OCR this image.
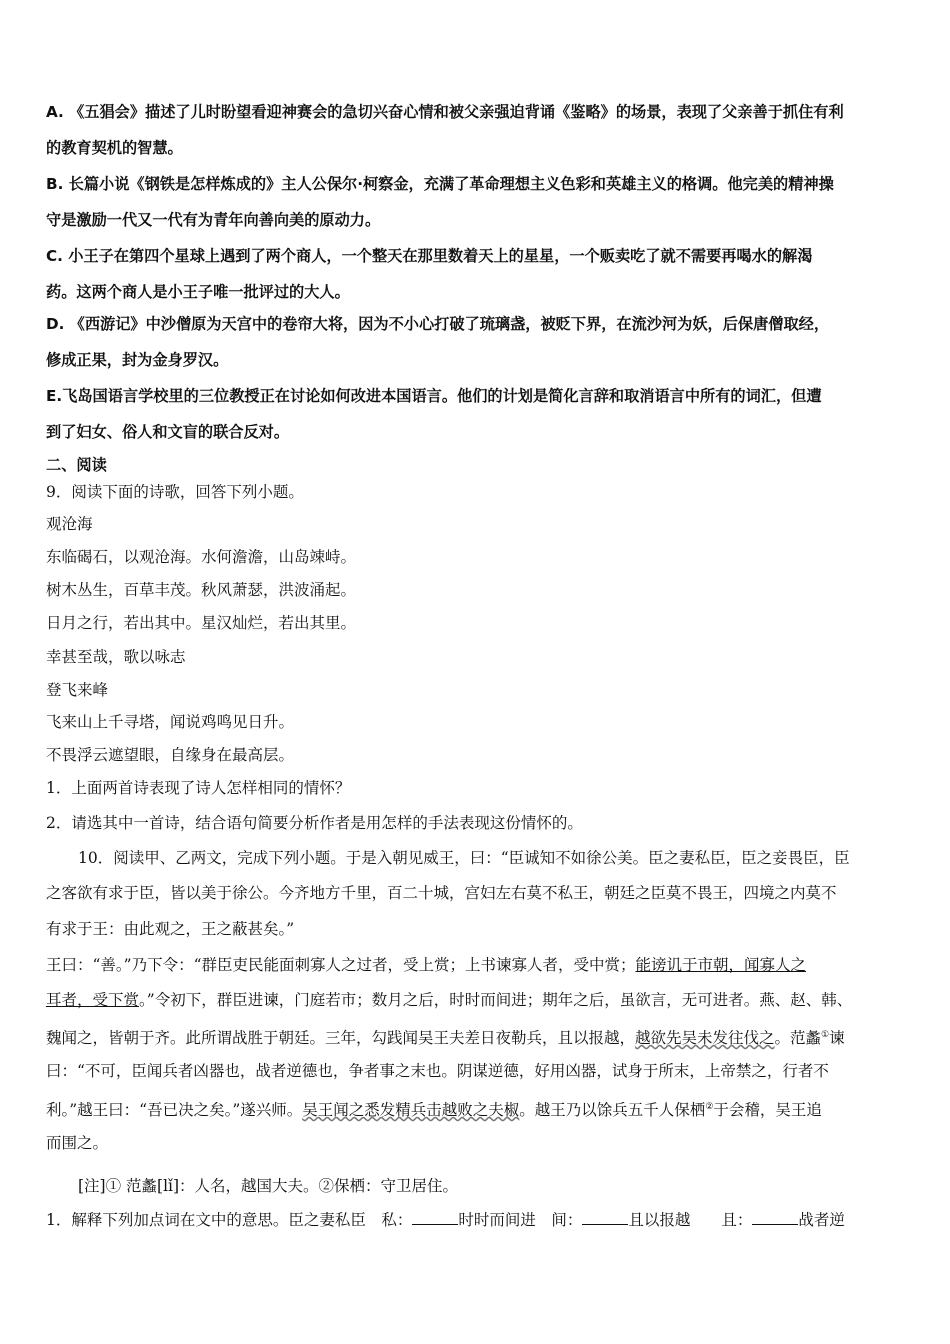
A. 《五猖会》描述了儿时盼望看迎神赛会的急切兴奋心情和被父亲强迫背诵《鉴略》的场景，表现了父亲善于抓住有利
的教育契机的智慧。
B. 长篇小说《钢铁是怎样炼成的》主人公保尔·柯察金，充满了革命理想主义色彩和英雄主义的格调。他完美的精神操
守是激励一代又一代有为青年向善向美的原动力。
C. 小王子在第四个星球上遇到了两个商人，一个整天在那里数着天上的星星，一个贩卖吃了就不需要再喝水的解渴
药。这两个商人是小王子唯一批评过的大人。
D. 《西游记》中沙僧原为天宫中的卷帘大将，因为不小心打破了琉璃盏，被贬下界，在流沙河为妖，后保唐僧取经，
修成正果，封为金身罗汉。
E.飞岛国语言学校里的三位教授正在讨论如何改进本国语言。他们的计划是简化言辞和取消语言中所有的词汇，但遭
到了妇女、俗人和文盲的联合反对。
二、阅读
9．阅读下面的诗歌，回答下列小题。
观沧海
东临碣石，以观沧海。水何澹澹，山岛竦峙。
树木丛生，百草丰茂。秋风萧瑟，洪波涌起。
日月之行，若出其中。星汉灿烂，若出其里。
幸甚至哉，歌以咏志
登飞来峰
飞来山上千寻塔，闻说鸡鸣见日升。
不畏浮云遮望眼，自缘身在最高层。
1．上面两首诗表现了诗人怎样相同的情怀？
2．请选其中一首诗，结合语句简要分析作者是用怎样的手法表现这份情怀的。
10．阅读甲、乙两文，完成下列小题。于是入朝见威王，曰：“臣诚知不如徐公美。臣之妻私臣，臣之妾畏臣，臣
之客欲有求于臣，皆以美于徐公。今齐地方千里，百二十城，宫妇左右莫不私王，朝廷之臣莫不畏王，四境之内莫不
有求于王：由此观之，王之蔽甚矣。”
王曰：“善。”乃下令：“群臣吏民能面刺寡人之过者，受上赏；上书谏寡人者，受中赏；能谤讥于市朝，闻寡人之
耳者，受下赏。”令初下，群臣进谏，门庭若市；数月之后，时时而间进；期年之后，虽欲言，无可进者。燕、赵、韩、
魏闻之，皆朝于齐。此所谓战胜于朝廷。三年，勾践闻吴王夫差日夜勒兵，且以报越，越欲先吴未发往伐之。范蠡①谏
曰：“不可，臣闻兵者凶器也，战者逆德也，争者事之末也。阴谋逆德，好用凶器，试身于所末，上帝禁之，行者不
利。”越王曰：“吾已决之矣。”遂兴师。吴王闻之悉发精兵击越败之夫椒。越王乃以馀兵五千人保栖②于会稽，吴王追
而围之。
[注]① 范蠡[lǐ]：人名，越国大夫。②保栖：守卫居住。
1．解释下列加点词在文中的意思。臣之妻私臣　私：	时时而间进　间：	且以报越　　且：	战者逆
